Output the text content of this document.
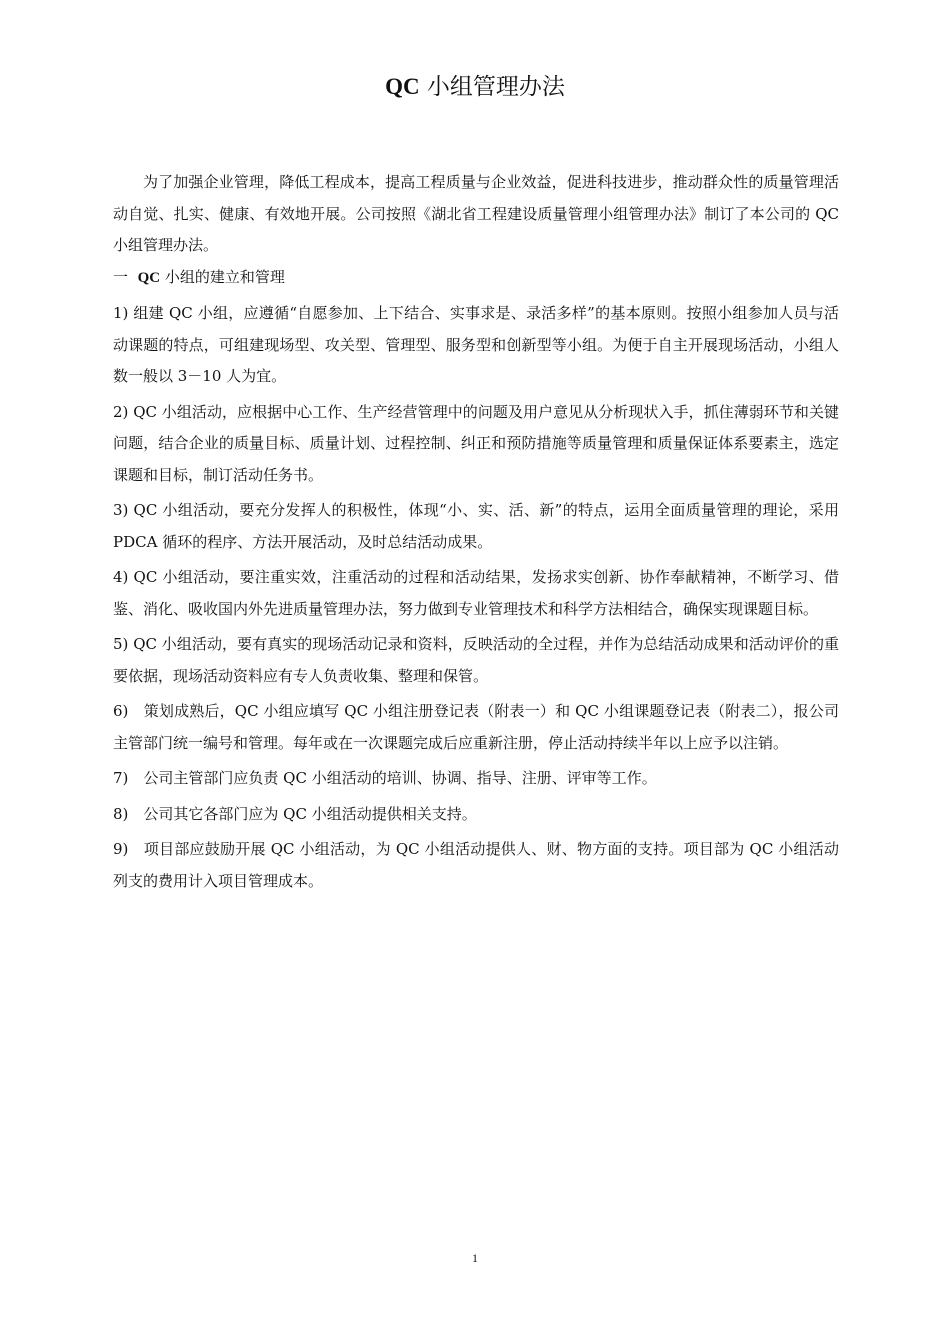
QC 小组管理办法

为了加强企业管理，降低工程成本，提高工程质量与企业效益，促进科技进步，推动群众性的质量管理活动自觉、扎实、健康、有效地开展。公司按照《湖北省工程建设质量管理小组管理办法》制订了本公司的 QC 小组管理办法。

一 QC 小组的建立和管理

1) 组建 QC 小组，应遵循“自愿参加、上下结合、实事求是、录活多样”的基本原则。按照小组参加人员与活动课题的特点，可组建现场型、攻关型、管理型、服务型和创新型等小组。为便于自主开展现场活动，小组人数一般以 3－10 人为宜。

2) QC 小组活动，应根据中心工作、生产经营管理中的问题及用户意见从分析现状入手，抓住薄弱环节和关键问题，结合企业的质量目标、质量计划、过程控制、纠正和预防措施等质量管理和质量保证体系要素主，选定课题和目标，制订活动任务书。

3) QC 小组活动，要充分发挥人的积极性，体现“小、实、活、新”的特点，运用全面质量管理的理论，采用 PDCA 循环的程序、方法开展活动，及时总结活动成果。

4) QC 小组活动，要注重实效，注重活动的过程和活动结果，发扬求实创新、协作奉献精神，不断学习、借鉴、消化、吸收国内外先进质量管理办法，努力做到专业管理技术和科学方法相结合，确保实现课题目标。

5) QC 小组活动，要有真实的现场活动记录和资料，反映活动的全过程，并作为总结活动成果和活动评价的重要依据，现场活动资料应有专人负责收集、整理和保管。

6)　策划成熟后，QC 小组应填写 QC 小组注册登记表（附表一）和 QC 小组课题登记表（附表二），报公司主管部门统一编号和管理。每年或在一次课题完成后应重新注册，停止活动持续半年以上应予以注销。

7)　公司主管部门应负责 QC 小组活动的培训、协调、指导、注册、评审等工作。

8)　公司其它各部门应为 QC 小组活动提供相关支持。

9)　项目部应鼓励开展 QC 小组活动，为 QC 小组活动提供人、财、物方面的支持。项目部为 QC 小组活动列支的费用计入项目管理成本。

1
